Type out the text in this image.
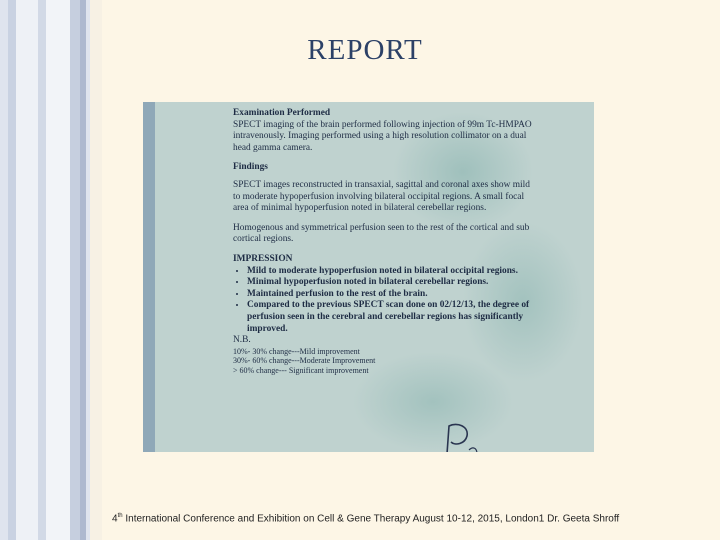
REPORT
Examination Performed

SPECT imaging of the brain performed following injection of 99m Tc-HMPAO intravenously. Imaging performed using a high resolution collimator on a dual head gamma camera.

Findings

SPECT images reconstructed in transaxial, sagittal and coronal axes show mild to moderate hypoperfusion involving bilateral occipital regions. A small focal area of minimal hypoperfusion noted in bilateral cerebellar regions.

Homogenous and symmetrical perfusion seen to the rest of the cortical and sub cortical regions.

IMPRESSION
• Mild to moderate hypoperfusion noted in bilateral occipital regions.
• Minimal hypoperfusion noted in bilateral cerebellar regions.
• Maintained perfusion to the rest of the brain.
• Compared to the previous SPECT scan done on 02/12/13, the degree of perfusion seen in the cerebral and cerebellar regions has significantly improved.
N.B.
10%- 30% change---Mild improvement
30%- 60% change---Moderate Improvement
> 60% change--- Significant improvement
4th International Conference and Exhibition on Cell & Gene Therapy August 10-12, 2015, London1 Dr. Geeta Shroff
